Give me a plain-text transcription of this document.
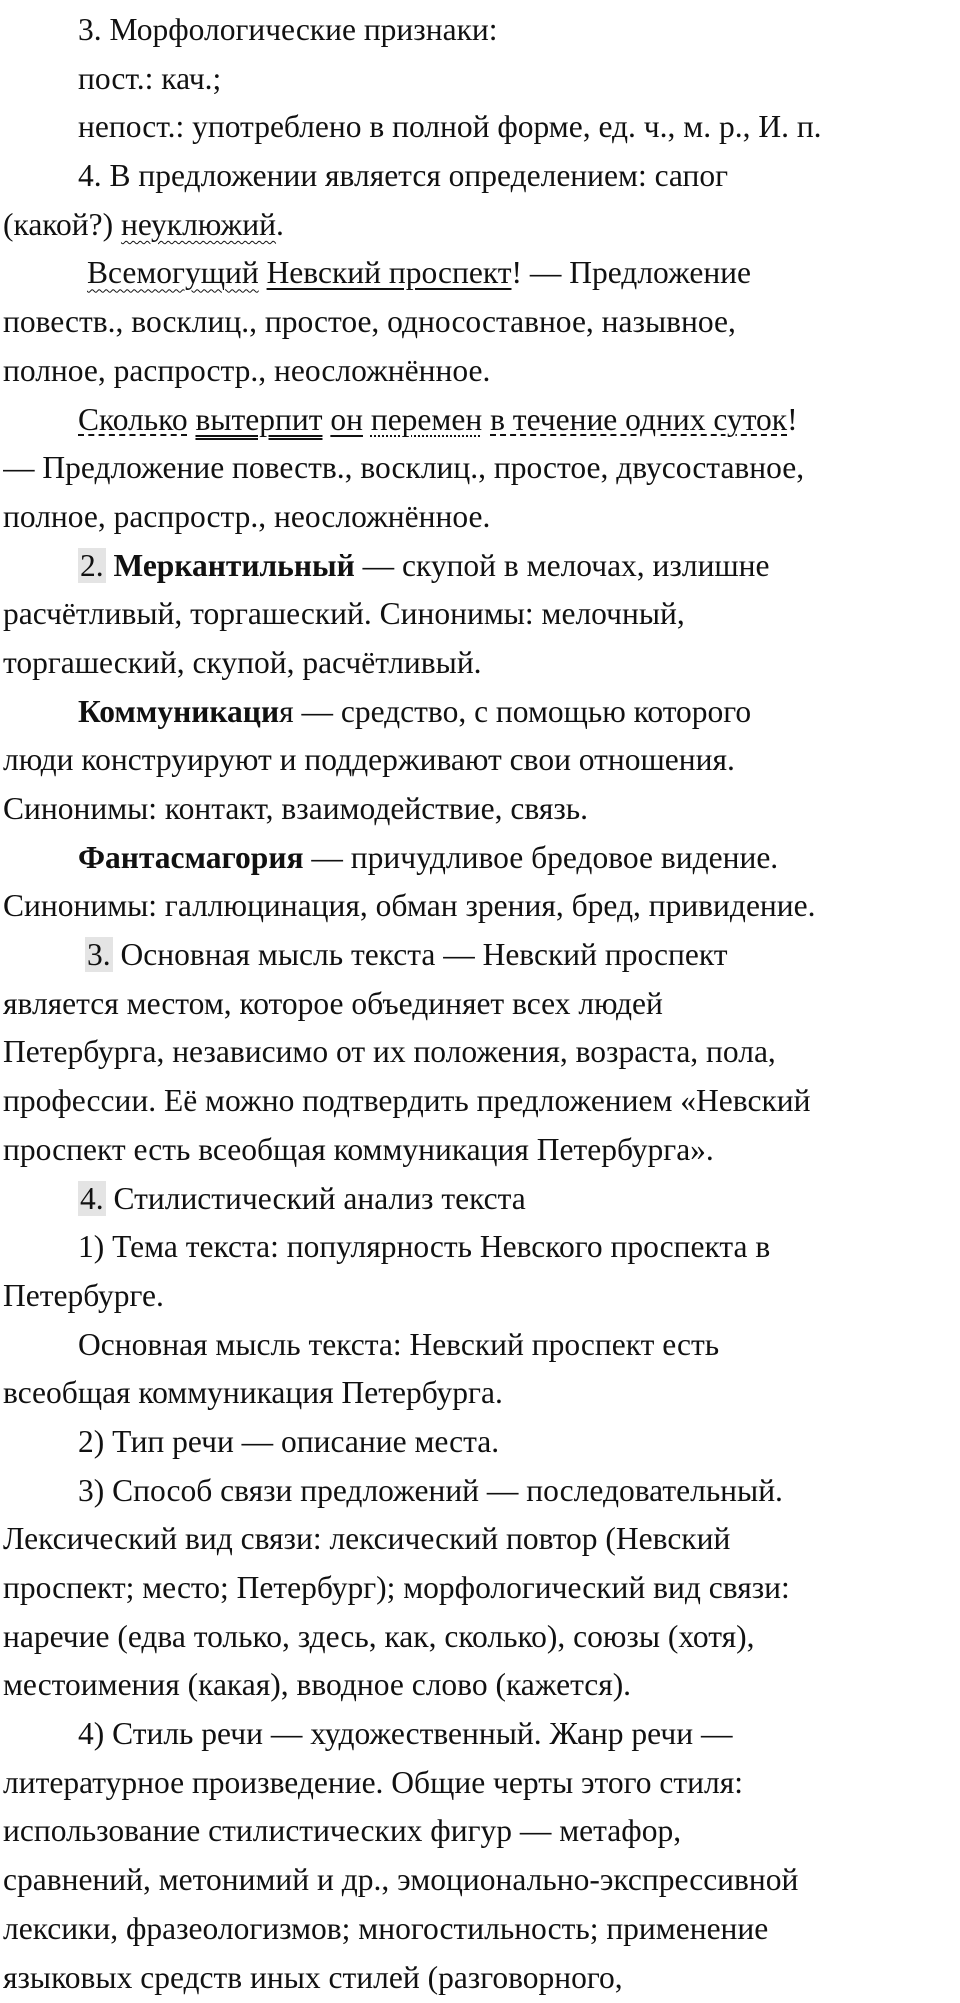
3. Морфологические признаки:
пост.: кач.;
непост.: употреблено в полной форме, ед. ч., м. р., И. п.
4. В предложении является определением: сапог
(какой?) неуклюжий.
Всемогущий Невский проспект! — Предложение
повеств., восклиц., простое, односоставное, назывное,
полное, распростр., неосложнённое.
Сколько вытерпит он перемен в течение одних суток!
— Предложение повеств., восклиц., простое, двусоставное,
полное, распростр., неосложнённое.
2. Меркантильный — скупой в мелочах, излишне
расчётливый, торгашеский. Синонимы: мелочный,
торгашеский, скупой, расчётливый.
Коммуникация — средство, с помощью которого
люди конструируют и поддерживают свои отношения.
Синонимы: контакт, взаимодействие, связь.
Фантасмагория — причудливое бредовое видение.
Синонимы: галлюцинация, обман зрения, бред, привидение.
3. Основная мысль текста — Невский проспект
является местом, которое объединяет всех людей
Петербурга, независимо от их положения, возраста, пола,
профессии. Её можно подтвердить предложением «Невский
проспект есть всеобщая коммуникация Петербурга».
4. Стилистический анализ текста
1) Тема текста: популярность Невского проспекта в
Петербурге.
Основная мысль текста: Невский проспект есть
всеобщая коммуникация Петербурга.
2) Тип речи — описание места.
3) Способ связи предложений — последовательный.
Лексический вид связи: лексический повтор (Невский
проспект; место; Петербург); морфологический вид связи:
наречие (едва только, здесь, как, сколько), союзы (хотя),
местоимения (какая), вводное слово (кажется).
4) Стиль речи — художественный. Жанр речи —
литературное произведение. Общие черты этого стиля:
использование стилистических фигур — метафор,
сравнений, метонимий и др., эмоционально-экспрессивной
лексики, фразеологизмов; многостильность; применение
языковых средств иных стилей (разговорного,
